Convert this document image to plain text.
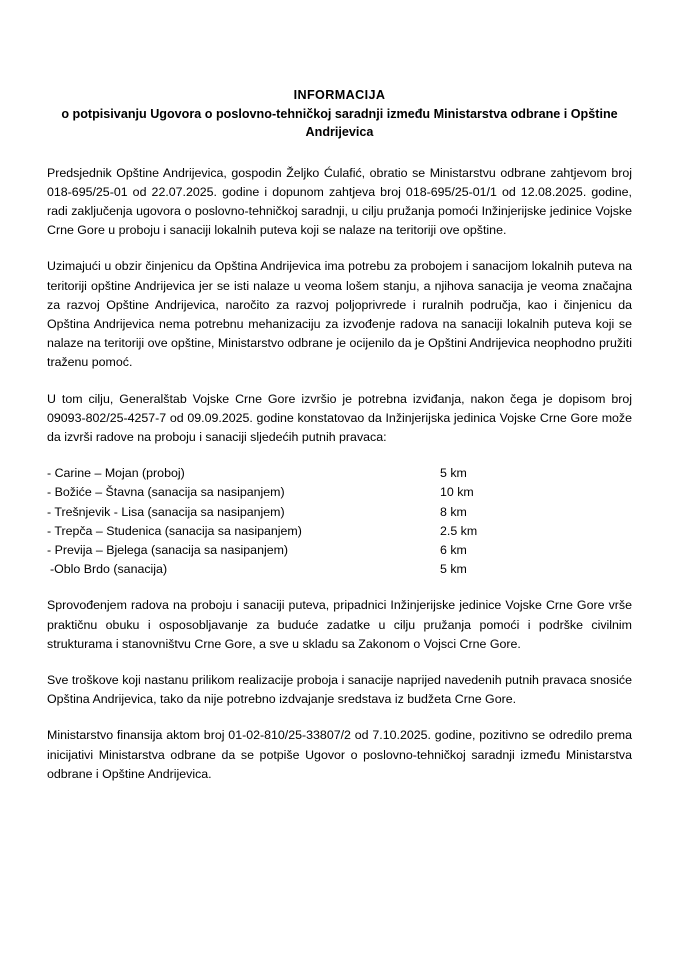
INFORMACIJA
o potpisivanju Ugovora o poslovno-tehničkoj saradnji između Ministarstva odbrane i Opštine Andrijevica

Predsjednik Opštine Andrijevica, gospodin Željko Ćulafić, obratio se Ministarstvu odbrane zahtjevom broj 018-695/25-01 od 22.07.2025. godine i dopunom zahtjeva broj 018-695/25-01/1 od 12.08.2025. godine, radi zaključenja ugovora o poslovno-tehničkoj saradnji, u cilju pružanja pomoći Inžinjerijske jedinice Vojske Crne Gore u proboju i sanaciji lokalnih puteva koji se nalaze na teritoriji ove opštine.

Uzimajući u obzir činjenicu da Opština Andrijevica ima potrebu za probojem i sanacijom lokalnih puteva na teritoriji opštine Andrijevica jer se isti nalaze u veoma lošem stanju, a njihova sanacija je veoma značajna za razvoj Opštine Andrijevica, naročito za razvoj poljoprivrede i ruralnih područja, kao i činjenicu da Opština Andrijevica nema potrebnu mehanizaciju za izvođenje radova na sanaciji lokalnih puteva koji se nalaze na teritoriji ove opštine, Ministarstvo odbrane je ocijenilo da je Opštini Andrijevica neophodno pružiti traženu pomoć.

U tom cilju, Generalštab Vojske Crne Gore izvršio je potrebna izviđanja, nakon čega je dopisom broj 09093-802/25-4257-7 od 09.09.2025. godine konstatovao da Inžinjerijska jedinica Vojske Crne Gore može da izvrši radove na proboju i sanaciji sljedećih putnih pravaca:

- Carine – Mojan (proboj)	5 km
- Božiće – Štavna (sanacija sa nasipanjem)	10 km
- Trešnjevik - Lisa (sanacija sa nasipanjem)	8 km
- Trepča – Studenica (sanacija sa nasipanjem)	2.5 km
- Previja – Bjelega (sanacija sa nasipanjem)	6 km
-Oblo Brdo (sanacija)	5 km

Sprovođenjem radova na proboju i sanaciji puteva, pripadnici Inžinjerijske jedinice Vojske Crne Gore vrše praktičnu obuku i osposobljavanje za buduće zadatke u cilju pružanja pomoći i podrške civilnim strukturama i stanovništvu Crne Gore, a sve u skladu sa Zakonom o Vojsci Crne Gore.

Sve troškove koji nastanu prilikom realizacije proboja i sanacije naprijed navedenih putnih pravaca snosiće Opština Andrijevica, tako da nije potrebno izdvajanje sredstava iz budžeta Crne Gore.

Ministarstvo finansija aktom broj 01-02-810/25-33807/2 od 7.10.2025. godine, pozitivno se odredilo prema inicijativi Ministarstva odbrane da se potpiše Ugovor o poslovno-tehničkoj saradnji između Ministarstva odbrane i Opštine Andrijevica.
